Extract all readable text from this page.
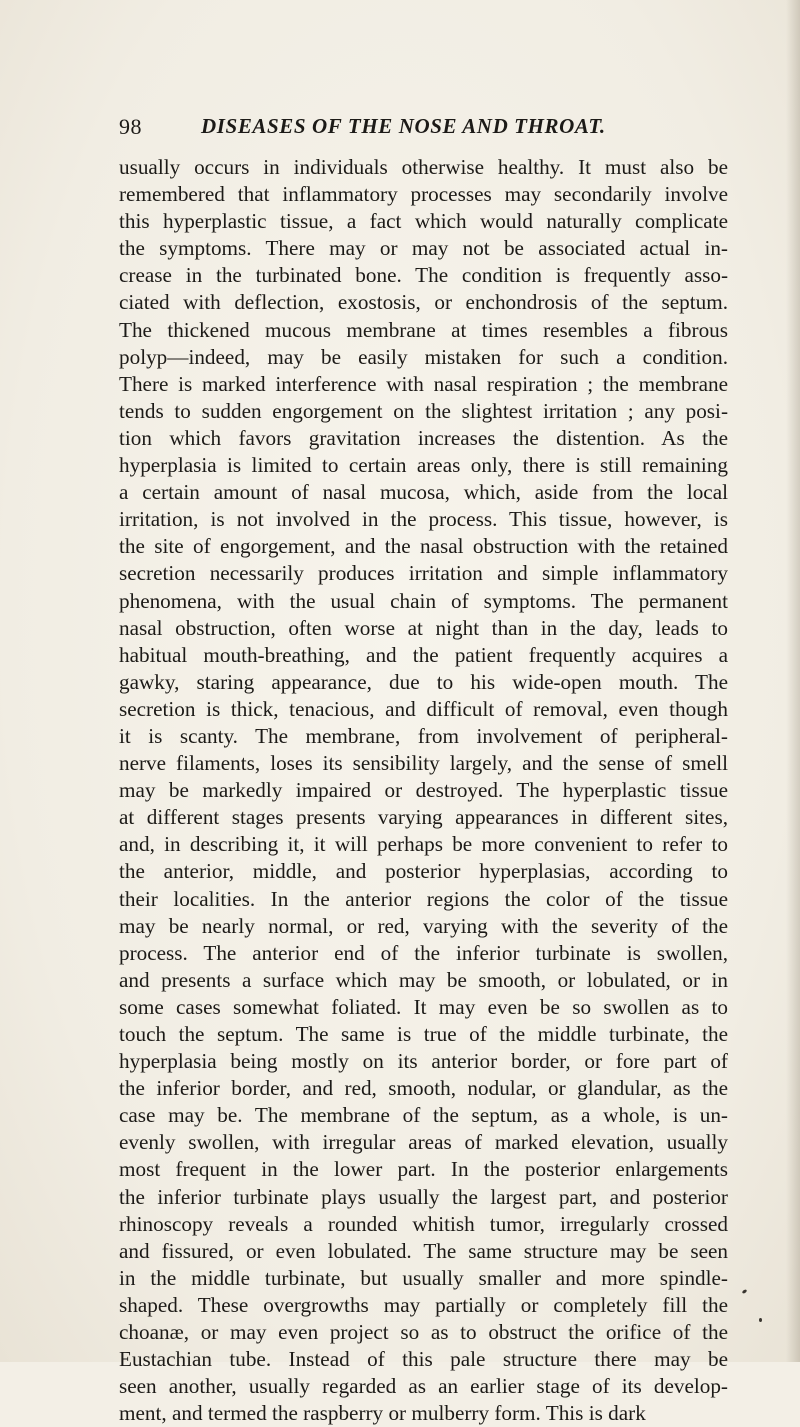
98	DISEASES OF THE NOSE AND THROAT.
usually occurs in individuals otherwise healthy. It must also be
remembered that inflammatory processes may secondarily involve
this hyperplastic tissue, a fact which would naturally complicate
the symptoms. There may or may not be associated actual in-
crease in the turbinated bone. The condition is frequently asso-
ciated with deflection, exostosis, or enchondrosis of the septum.
The thickened mucous membrane at times resembles a fibrous
polyp—indeed, may be easily mistaken for such a condition.
There is marked interference with nasal respiration ; the membrane
tends to sudden engorgement on the slightest irritation ; any posi-
tion which favors gravitation increases the distention. As the
hyperplasia is limited to certain areas only, there is still remaining
a certain amount of nasal mucosa, which, aside from the local
irritation, is not involved in the process. This tissue, however, is
the site of engorgement, and the nasal obstruction with the retained
secretion necessarily produces irritation and simple inflammatory
phenomena, with the usual chain of symptoms. The permanent
nasal obstruction, often worse at night than in the day, leads to
habitual mouth-breathing, and the patient frequently acquires a
gawky, staring appearance, due to his wide-open mouth. The
secretion is thick, tenacious, and difficult of removal, even though
it is scanty. The membrane, from involvement of peripheral-
nerve filaments, loses its sensibility largely, and the sense of smell
may be markedly impaired or destroyed. The hyperplastic tissue
at different stages presents varying appearances in different sites,
and, in describing it, it will perhaps be more convenient to refer to
the anterior, middle, and posterior hyperplasias, according to
their localities. In the anterior regions the color of the tissue
may be nearly normal, or red, varying with the severity of the
process. The anterior end of the inferior turbinate is swollen,
and presents a surface which may be smooth, or lobulated, or in
some cases somewhat foliated. It may even be so swollen as to
touch the septum. The same is true of the middle turbinate, the
hyperplasia being mostly on its anterior border, or fore part of
the inferior border, and red, smooth, nodular, or glandular, as the
case may be. The membrane of the septum, as a whole, is un-
evenly swollen, with irregular areas of marked elevation, usually
most frequent in the lower part. In the posterior enlargements
the inferior turbinate plays usually the largest part, and posterior
rhinoscopy reveals a rounded whitish tumor, irregularly crossed
and fissured, or even lobulated. The same structure may be seen
in the middle turbinate, but usually smaller and more spindle-
shaped. These overgrowths may partially or completely fill the
choanæ, or may even project so as to obstruct the orifice of the
Eustachian tube. Instead of this pale structure there may be
seen another, usually regarded as an earlier stage of its develop-
ment, and termed the raspberry or mulberry form. This is dark
